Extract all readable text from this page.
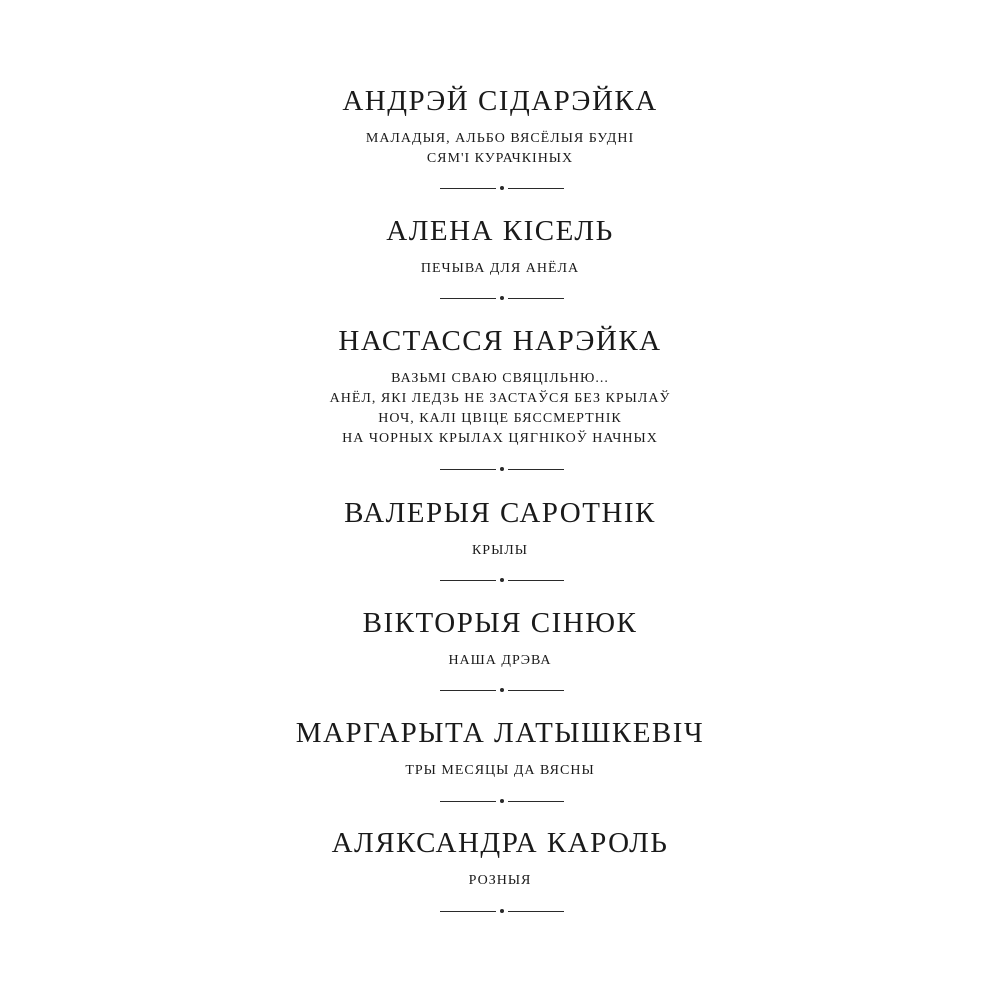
АНДРЭЙ СІДАРЭЙКА
МАЛАДЫЯ, АЛЬБО ВЯСЁЛЫЯ БУДНІ
СЯМ'І КУРАЧКІНЫХ
АЛЕНА КІСЕЛЬ
ПЕЧЫВА ДЛЯ АНЁЛА
НАСТАССЯ НАРЭЙКА
ВАЗЬМІ СВАЮ СВЯЦІЛЬНЮ...
АНЁЛ, ЯКІ ЛЕДЗЬ НЕ ЗАСТАЎСЯ БЕЗ КРЫЛАЎ
НОЧ, КАЛІ ЦВІЦЕ БЯССМЕРТНІК
НА ЧОРНЫХ КРЫЛАХ ЦЯГНІКОЎ НАЧНЫХ
ВАЛЕРЫЯ САРОТНІК
КРЫЛЫ
ВІКТОРЫЯ СІНЮК
НАША ДРЭВА
МАРГАРЫТА ЛАТЫШКЕВІЧ
ТРЫ МЕСЯЦЫ ДА ВЯСНЫ
АЛЯКСАНДРА КАРОЛЬ
РОЗНЫЯ
